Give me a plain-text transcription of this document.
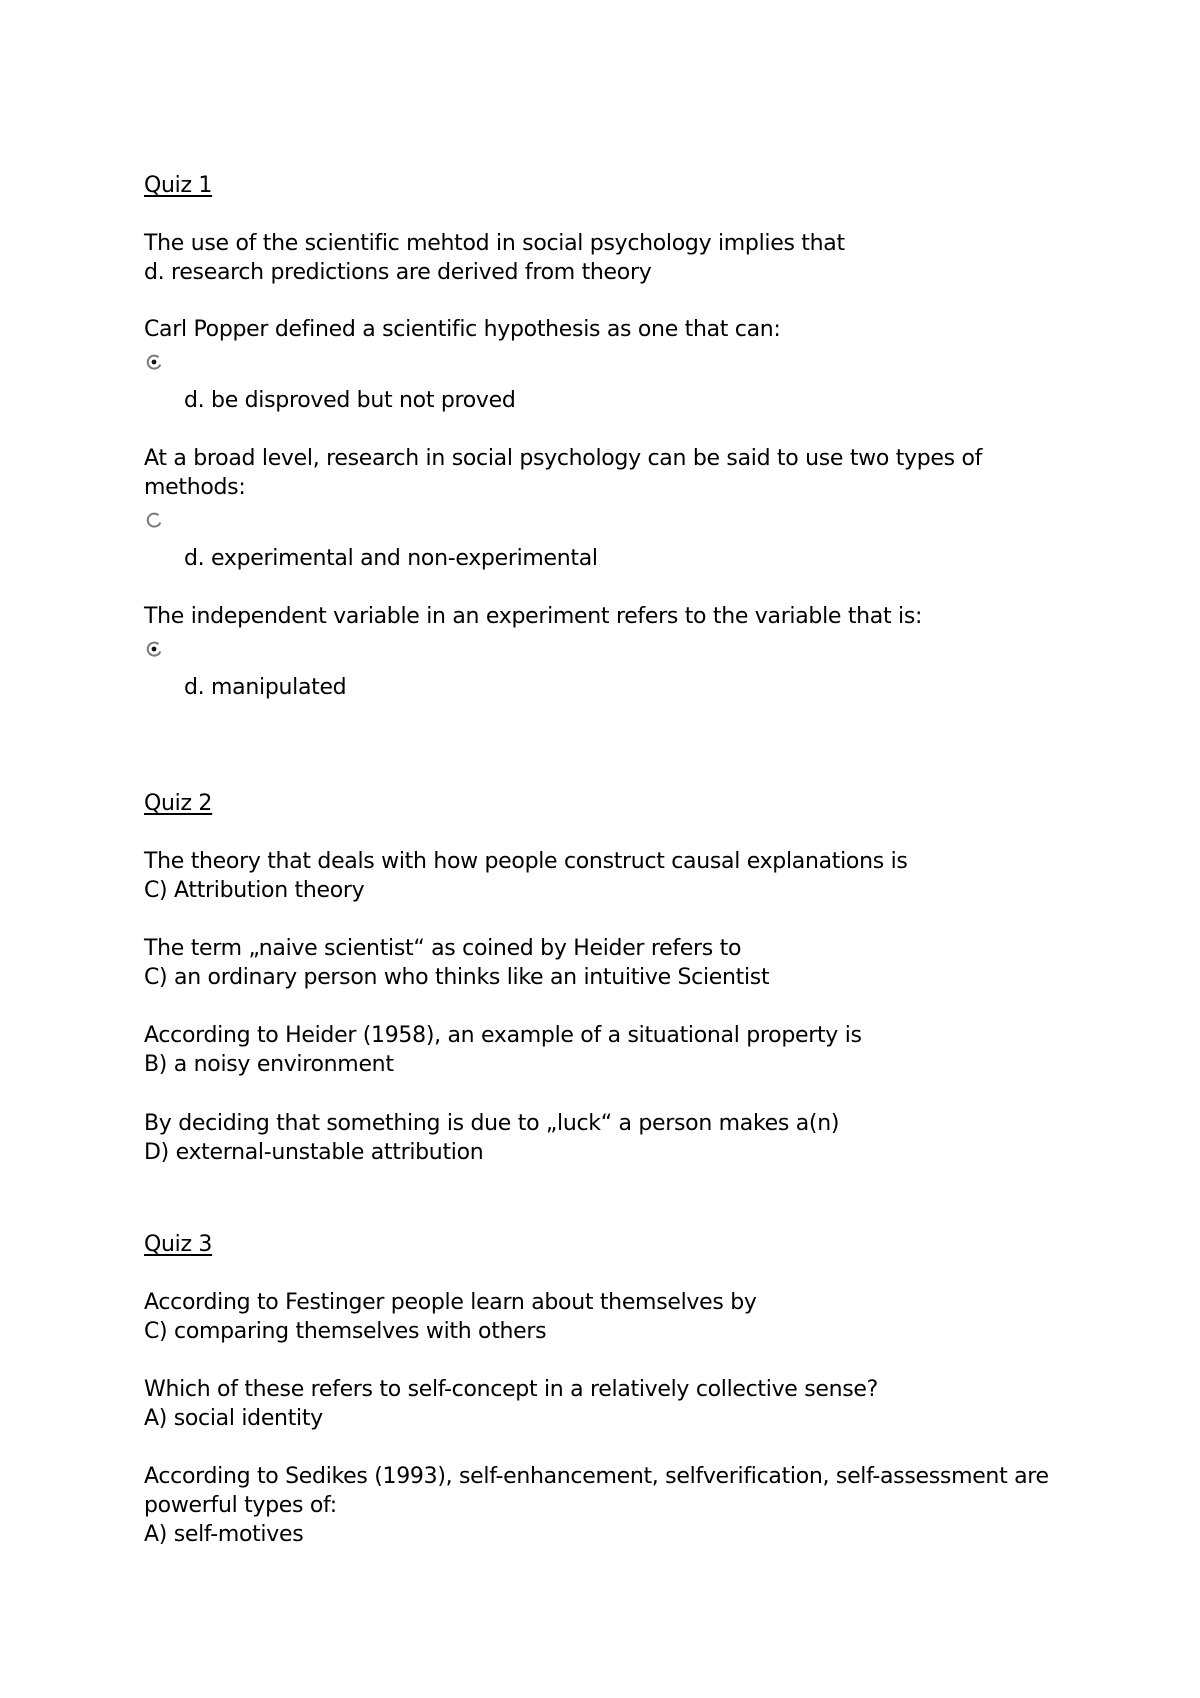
Quiz 1
The use of the scientific mehtod in social psychology implies that
d. research predictions are derived from theory
Carl Popper defined a scientific hypothesis as one that can:
d. be disproved but not proved
At a broad level, research in social psychology can be said to use two types of
methods:
d. experimental and non-experimental
The independent variable in an experiment refers to the variable that is:
d. manipulated
Quiz 2
The theory that deals with how people construct causal explanations is
C) Attribution theory
The term „naive scientist“ as coined by Heider refers to
C) an ordinary person who thinks like an intuitive Scientist
According to Heider (1958), an example of a situational property is
B) a noisy environment
By deciding that something is due to „luck“ a person makes a(n)
D) external-unstable attribution
Quiz 3
According to Festinger people learn about themselves by
C) comparing themselves with others
Which of these refers to self-concept in a relatively collective sense?
A) social identity
According to Sedikes (1993), self-enhancement, selfverification, self-assessment are
powerful types of:
A) self-motives
